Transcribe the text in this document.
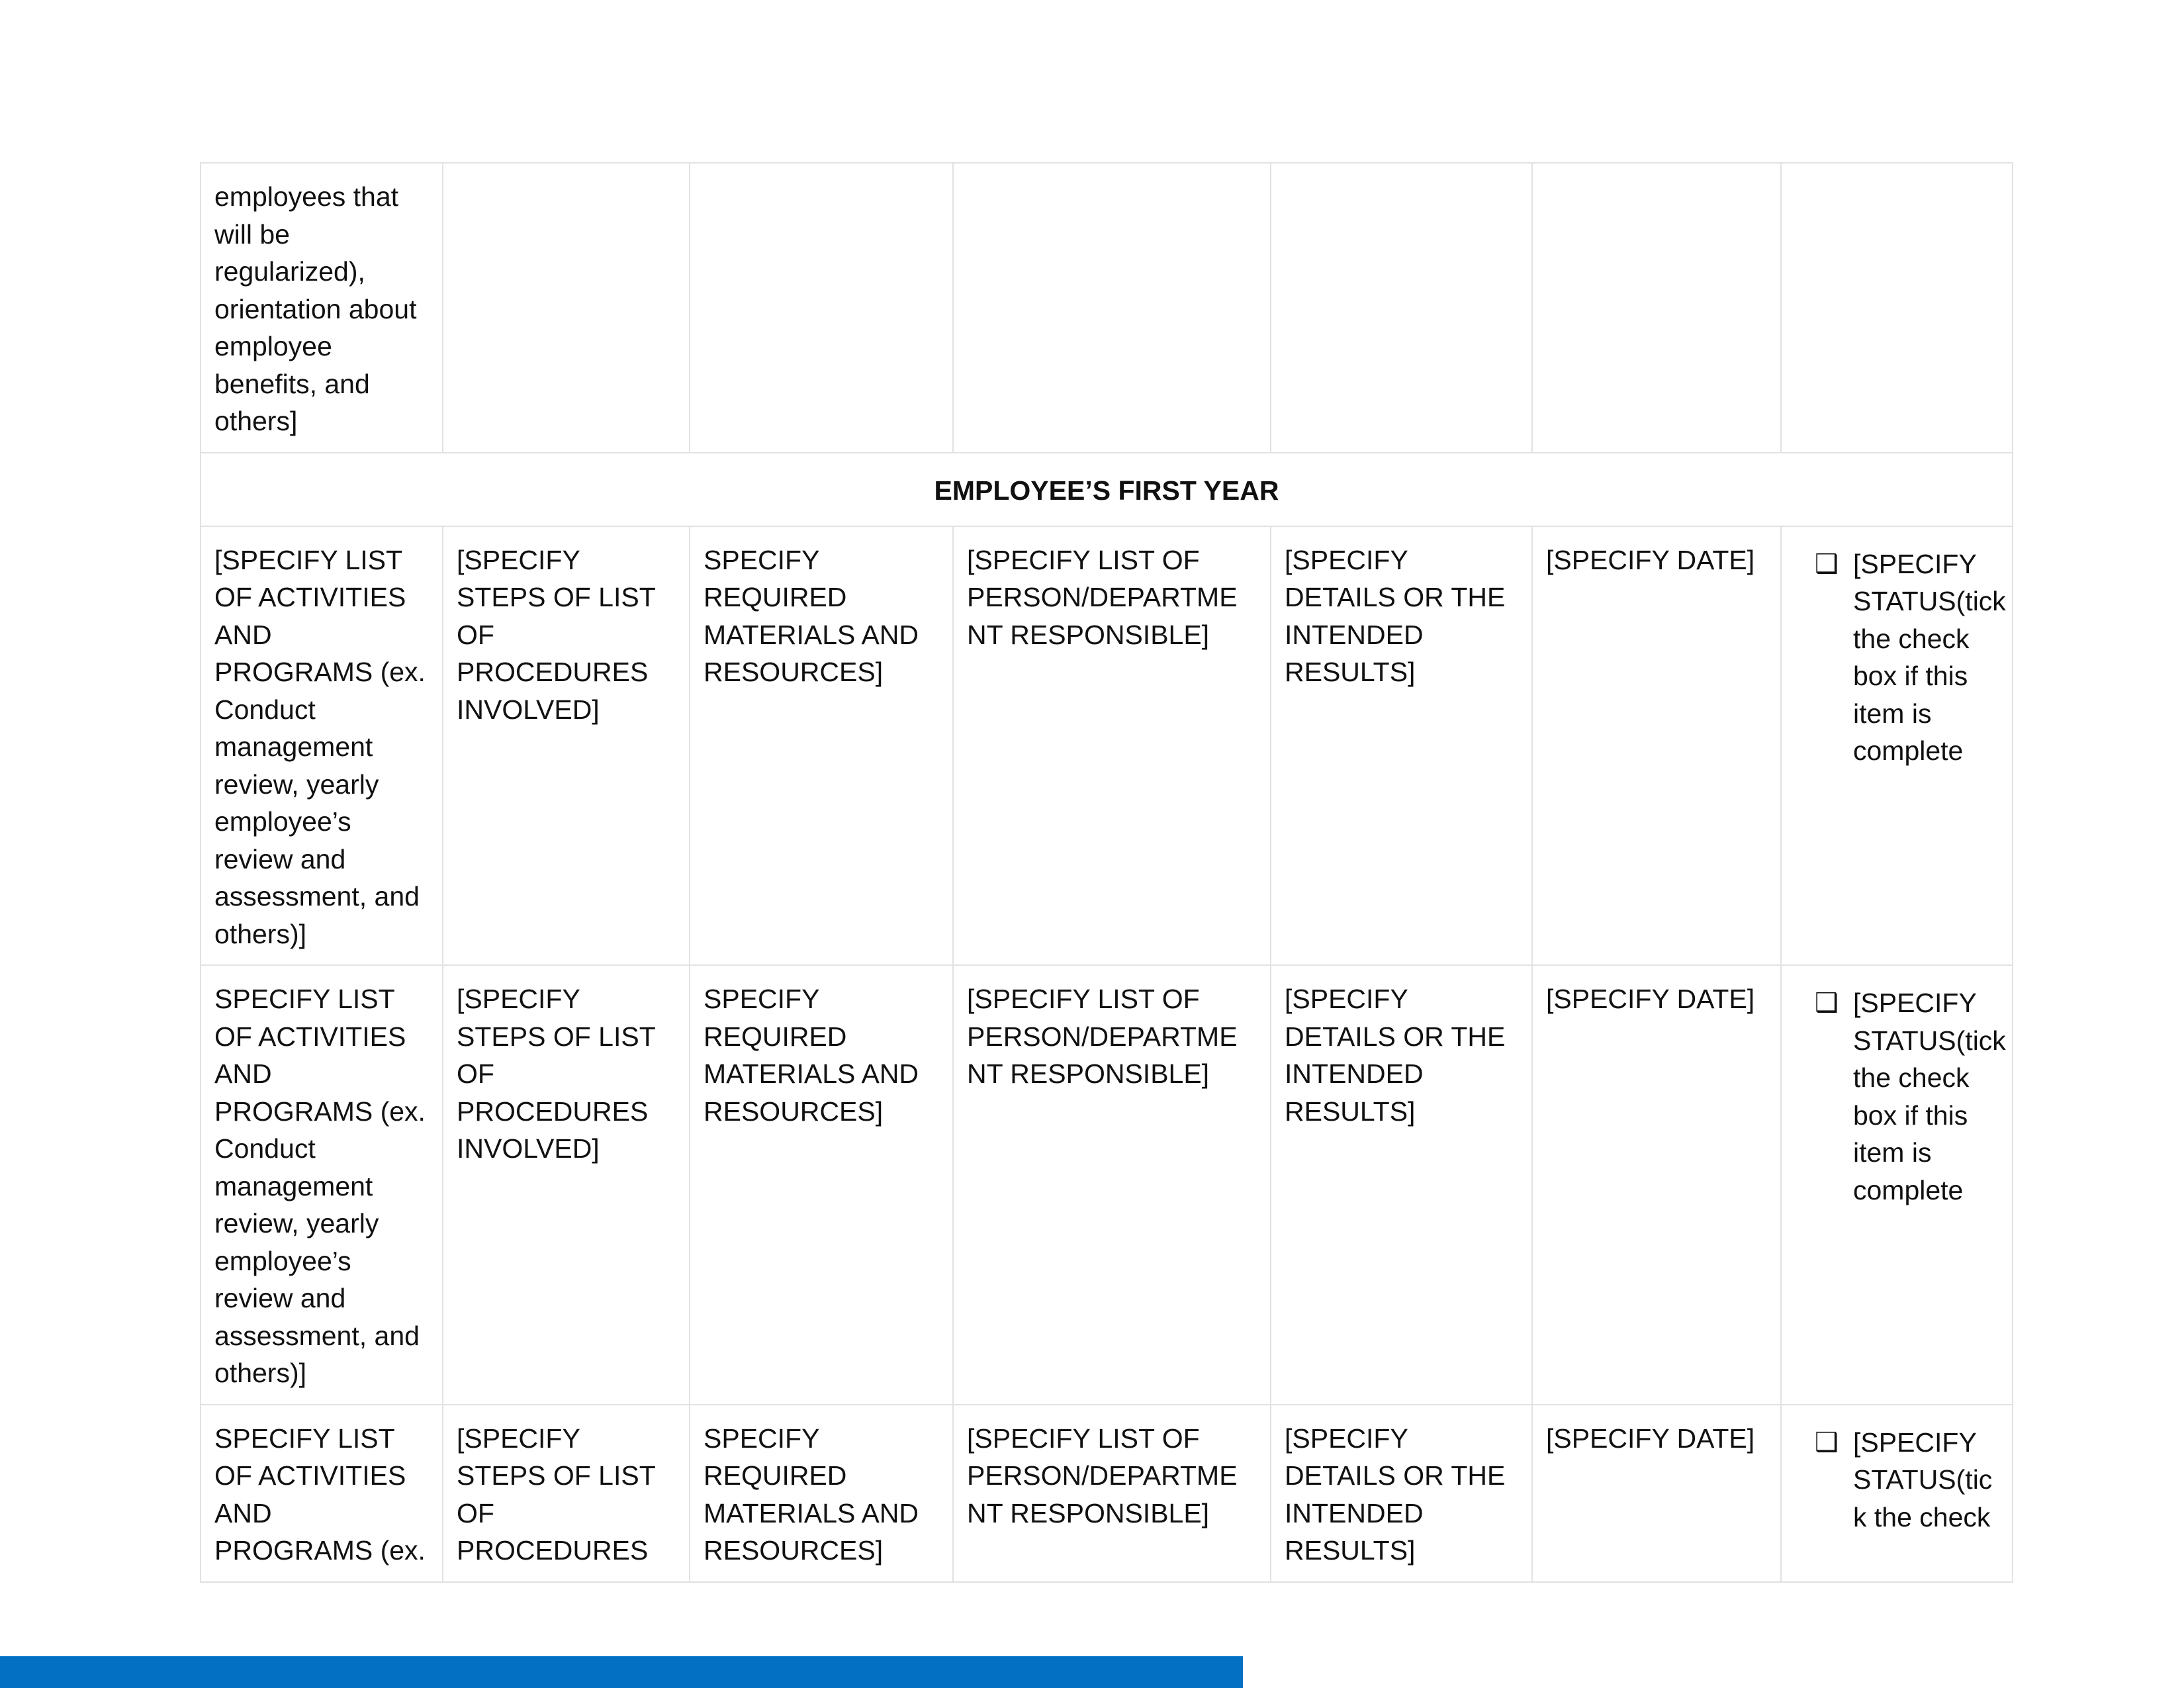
employees that will be regularized), orientation about employee benefits, and others]						
EMPLOYEE’S FIRST YEAR						
[SPECIFY LIST OF ACTIVITIES AND PROGRAMS (ex. Conduct management review, yearly employee’s review and assessment, and others)]	[SPECIFY STEPS OF LIST OF PROCEDURES INVOLVED]	SPECIFY REQUIRED MATERIALS AND RESOURCES]	[SPECIFY LIST OF PERSON/DEPARTMENT RESPONSIBLE]	[SPECIFY DETAILS OR THE INTENDED RESULTS]	[SPECIFY DATE]	❑ [SPECIFY STATUS(tick the check box if this item is complete

SPECIFY LIST OF ACTIVITIES AND PROGRAMS (ex. Conduct management review, yearly employee’s review and assessment, and others)]	[SPECIFY STEPS OF LIST OF PROCEDURES INVOLVED]	SPECIFY REQUIRED MATERIALS AND RESOURCES]	[SPECIFY LIST OF PERSON/DEPARTMENT RESPONSIBLE]	[SPECIFY DETAILS OR THE INTENDED RESULTS]	[SPECIFY DATE]	❑ [SPECIFY STATUS(tick the check box if this item is complete

SPECIFY LIST OF ACTIVITIES AND PROGRAMS (ex.	[SPECIFY STEPS OF LIST OF PROCEDURES	SPECIFY REQUIRED MATERIALS AND RESOURCES]	[SPECIFY LIST OF PERSON/DEPARTMENT RESPONSIBLE]	[SPECIFY DETAILS OR THE INTENDED RESULTS]	[SPECIFY DATE]	❑ [SPECIFY STATUS(tic k the check
